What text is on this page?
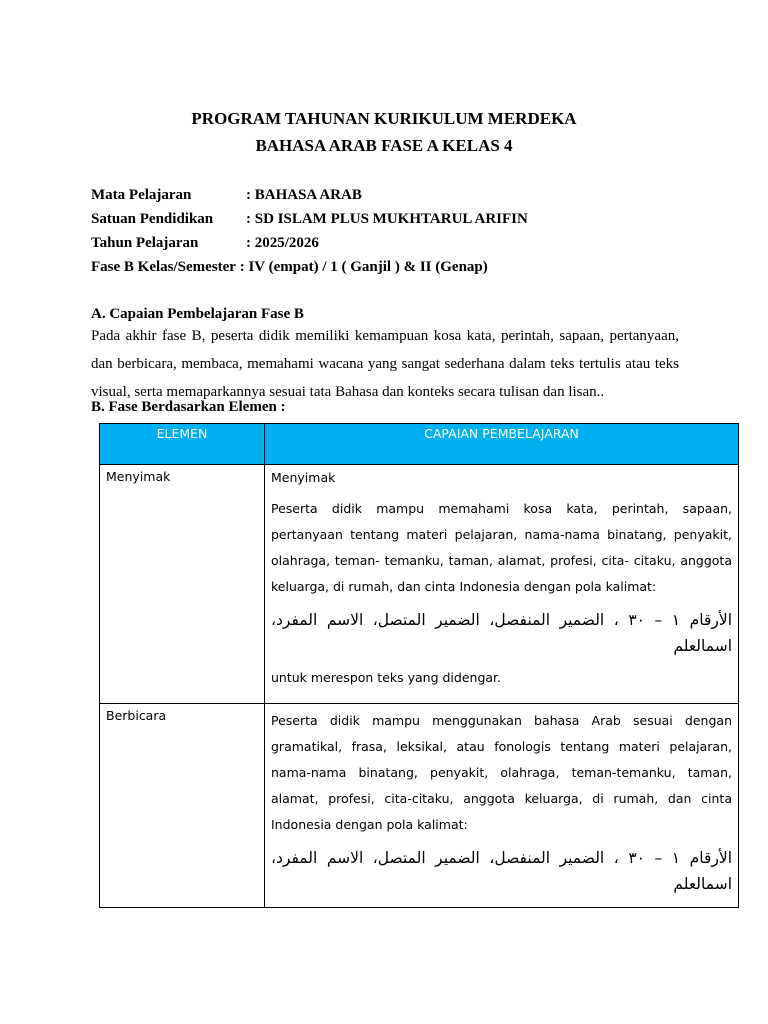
PROGRAM TAHUNAN KURIKULUM MERDEKA
BAHASA ARAB FASE A KELAS 4
Mata Pelajaran	: BAHASA ARAB
Satuan Pendidikan	: SD ISLAM PLUS MUKHTARUL ARIFIN
Tahun Pelajaran	: 2025/2026
Fase B Kelas/Semester
: IV (empat) / 1 ( Ganjil ) & II (Genap)
A. Capaian Pembelajaran Fase B
Pada akhir fase B, peserta didik memiliki kemampuan kosa kata, perintah, sapaan, pertanyaan, dan berbicara, membaca, memahami wacana yang sangat sederhana dalam teks tertulis atau teks visual, serta memaparkannya sesuai tata Bahasa dan konteks secara tulisan dan lisan..
B. Fase Berdasarkan Elemen :
ELEMEN	CAPAIAN PEMBELAJARAN
Menyimak	Menyimak
Peserta didik mampu memahami kosa kata, perintah, sapaan, pertanyaan tentang materi pelajaran, nama-nama binatang, penyakit, olahraga, teman- temanku, taman, alamat, profesi, cita- citaku, anggota keluarga, di rumah, dan cinta Indonesia dengan pola kalimat:
الأرقام ١ – ٣٠ ، الضمير المنفصل، الضمير المتصل، الاسم المفرد، اسمالعلم
untuk merespon teks yang didengar.

Berbicara	Peserta didik mampu menggunakan bahasa Arab sesuai dengan gramatikal, frasa, leksikal, atau fonologis tentang materi pelajaran, nama-nama binatang, penyakit, olahraga, teman-temanku, taman, alamat, profesi, cita-citaku, anggota keluarga, di rumah, dan cinta Indonesia dengan pola kalimat:
الأرقام ١ – ٣٠ ، الضمير المنفصل، الضمير المتصل، الاسم المفرد، اسمالعلم
